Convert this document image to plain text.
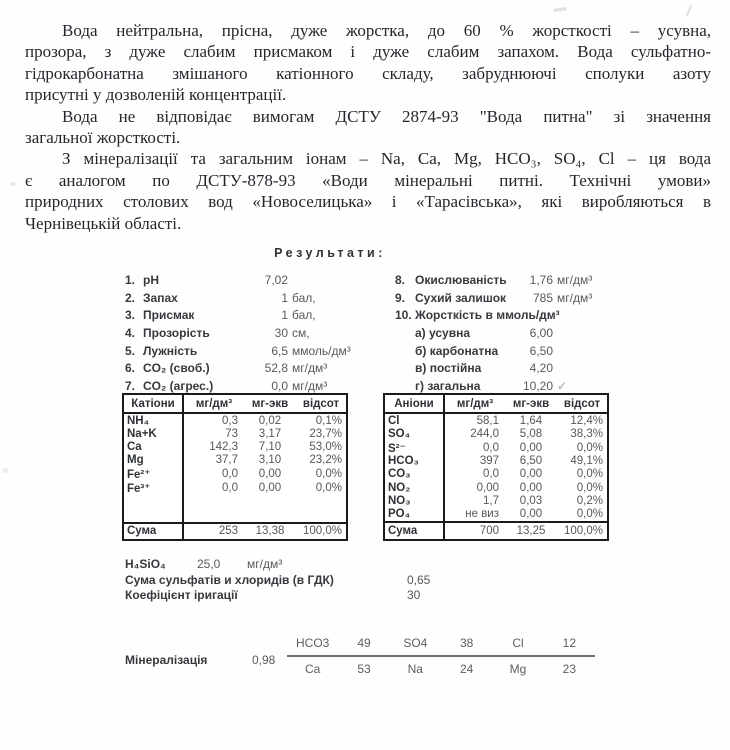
Вода нейтральна, прісна, дуже жорстка, до 60 % жорсткості – усувна,
прозора, з дуже слабим присмаком і дуже слабим запахом. Вода сульфатно-
гідрокарбонатна змішаного катіонного складу, забруднюючі сполуки азоту
присутні у дозволеній концентрації.
Вода не відповідає вимогам ДСТУ 2874-93 "Вода питна" зі значення
загальної жорсткості.
З мінералізації та загальним іонам – Na, Ca, Mg, HCO₃, SO₄, Cl – ця вода
є аналогом по ДСТУ-878-93 «Води мінеральні питні. Технічні умови»
природних столових вод «Новоселицька» і «Тарасівська», які виробляються в
Чернівецькій області.
Результати:
1. pH	7,02
2. Запах	1 бал,
3. Присмак	1 бал,
4. Прозорість	30 см,
5. Лужність	6,5 ммоль/дм³
6. CO₂ (своб.)	52,8 мг/дм³
7. CO₂ (агрес.)	0,0 мг/дм³
8. Окислюваність	1,76 мг/дм³
9. Сухий залишок	785 мг/дм³
10. Жорсткість в ммоль/дм³
а) усувна	6,00
б) карбонатна	6,50
в) постійна	4,20
г) загальна	10,20 ✓
Катіони	мг/дм³	мг-экв	відсот
NH₄	0,3	0,02	0,1%
Na+K	73	3,17	23,7%
Ca	142,3	7,10	53,0%
Mg	37,7	3,10	23,2%
Fe²⁺	0,0	0,00	0,0%
Fe³⁺	0,0	0,00	0,0%
Сума	253	13,38	100,0%
Аніони	мг/дм³	мг-экв	відсот
Cl	58,1	1,64	12,4%
SO₄	244,0	5,08	38,3%
S²⁻	0,0	0,00	0,0%
HCO₃	397	6,50	49,1%
CO₃	0,0	0,00	0,0%
NO₂	0,00	0,00	0,0%
NO₃	1,7	0,03	0,2%
PO₄	не виз	0,00	0,0%
Сума	700	13,25	100,0%
H₄SiO₄	25,0 мг/дм³
Сума сульфатів и хлоридів (в ГДК)	0,65
Коефіцієнт іригації	30
Мінералізація	0,98
HCO3	49	SO4	38	Cl	12
Ca	53	Na	24	Mg	23
